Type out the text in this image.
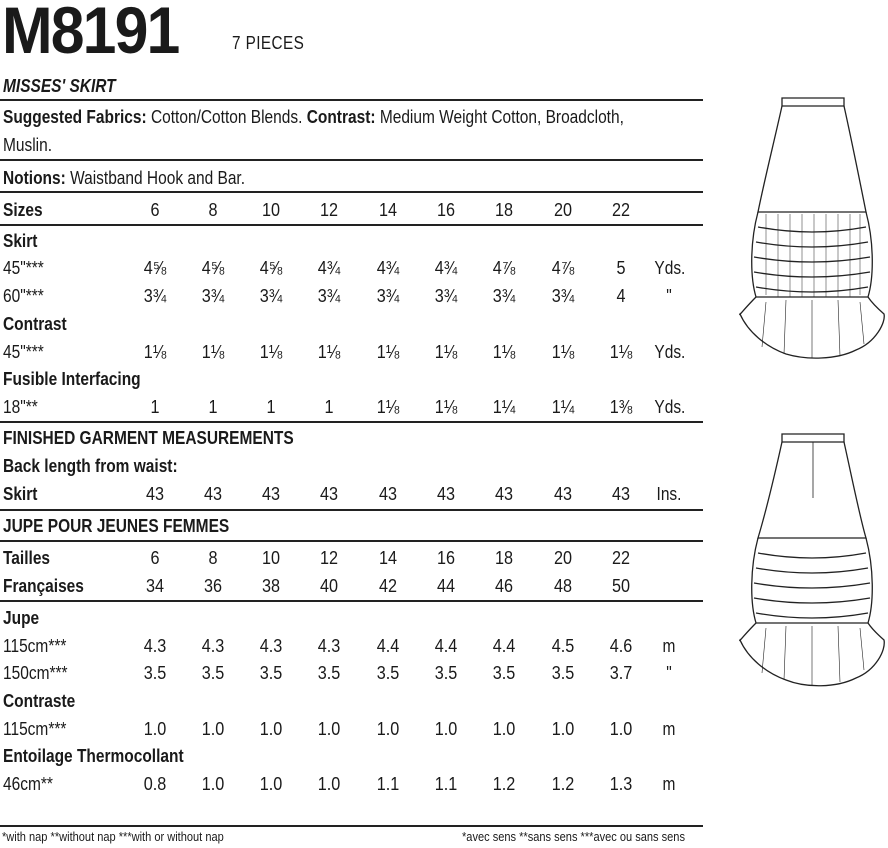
M8191	7 PIECES
MISSES' SKIRT
Suggested Fabrics: Cotton/Cotton Blends. Contrast: Medium Weight Cotton, Broadcloth,
Muslin.
Notions: Waistband Hook and Bar.
Sizes	6	8	10	12	14	16	18	20	22
Skirt
45"***	4⅝	4⅝	4⅝	4¾	4¾	4¾	4⅞	4⅞	5	Yds.
60"***	3¾	3¾	3¾	3¾	3¾	3¾	3¾	3¾	4	"
Contrast
45"***	1⅛	1⅛	1⅛	1⅛	1⅛	1⅛	1⅛	1⅛	1⅛	Yds.
Fusible Interfacing
18"**	1	1	1	1	1⅛	1⅛	1¼	1¼	1⅜	Yds.
FINISHED GARMENT MEASUREMENTS
Back length from waist:
Skirt	43	43	43	43	43	43	43	43	43	Ins.
JUPE POUR JEUNES FEMMES
Tailles	6	8	10	12	14	16	18	20	22
Françaises	34	36	38	40	42	44	46	48	50
Jupe
115cm***	4.3	4.3	4.3	4.3	4.4	4.4	4.4	4.5	4.6	m
150cm***	3.5	3.5	3.5	3.5	3.5	3.5	3.5	3.5	3.7	"
Contraste
115cm***	1.0	1.0	1.0	1.0	1.0	1.0	1.0	1.0	1.0	m
Entoilage Thermocollant
46cm**	0.8	1.0	1.0	1.0	1.1	1.1	1.2	1.2	1.3	m
*with nap **without nap ***with or without nap	*avec sens **sans sens ***avec ou sans sens
